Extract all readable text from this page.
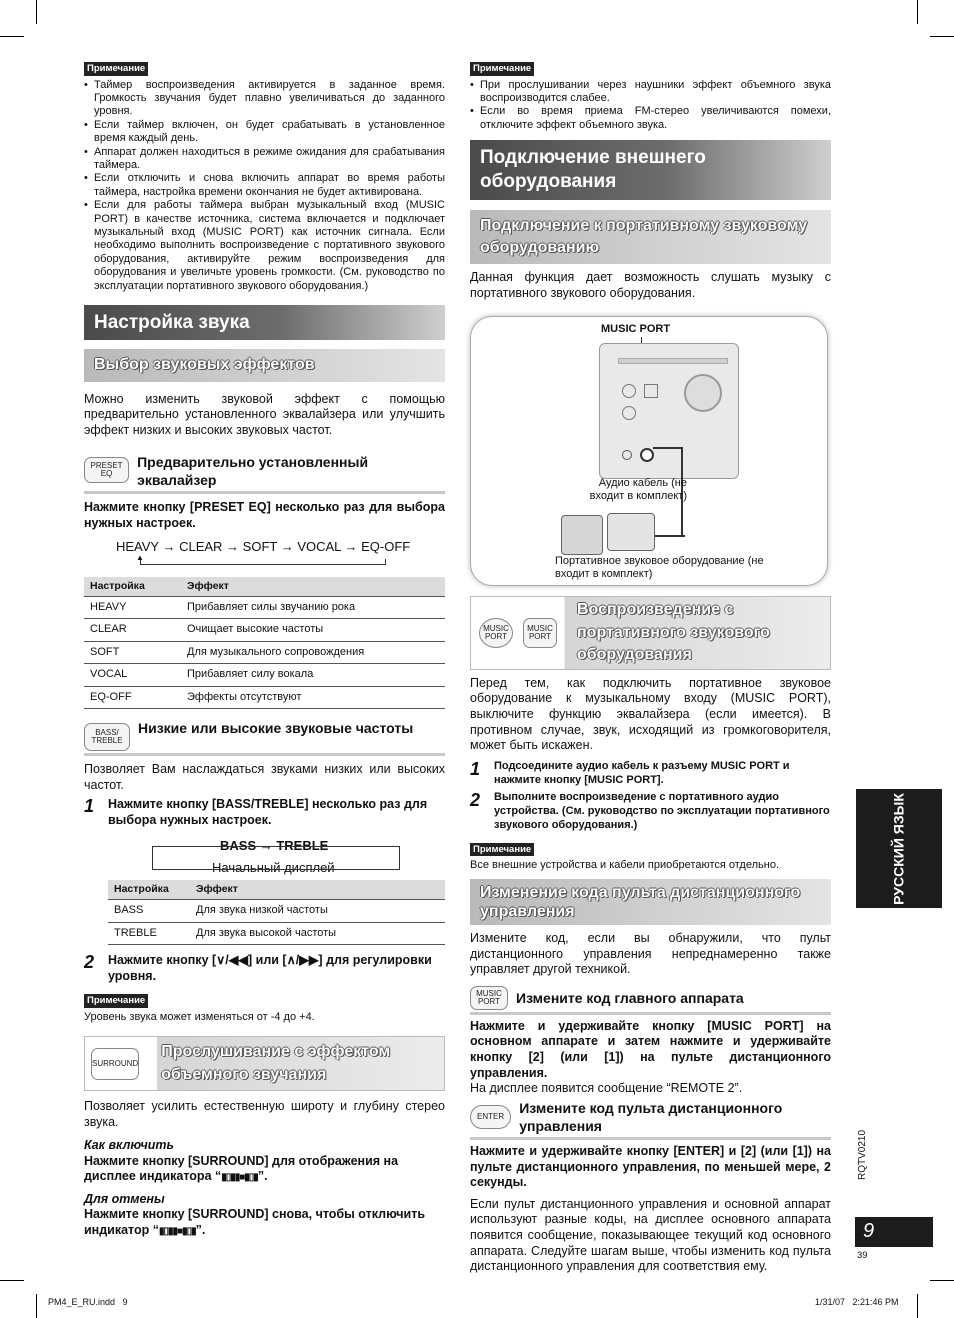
Примечание
• Таймер воспроизведения активируется в заданное время. Громкость звучания будет плавно увеличиваться до заданного уровня.
• Если таймер включен, он будет срабатывать в установленное время каждый день.
• Аппарат должен находиться в режиме ожидания для срабатывания таймера.
• Если отключить и снова включить аппарат во время работы таймера, настройка времени окончания не будет активирована.
• Если для работы таймера выбран музыкальный вход (MUSIC PORT) в качестве источника, система включается и подключает музыкальный вход (MUSIC PORT) как источник сигнала. Если необходимо выполнить воспроизведение с портативного звукового оборудования, активируйте режим воспроизведения для оборудования и увеличьте уровень громкости. (См. руководство по эксплуатации портативного звукового оборудования.)
Настройка звука
Выбор звуковых эффектов

Можно изменить звуковой эффект с помощью предварительно установленного эквалайзера или улучшить эффект низких и высоких звуковых частот.

PRESET EQ
Предварительно установленный эквалайзер

Нажмите кнопку [PRESET EQ] несколько раз для выбора нужных настроек.

HEAVY → CLEAR → SOFT → VOCAL → EQ-OFF
▲
Настройка	Эффект
HEAVY	Прибавляет силы звучанию рока
CLEAR	Очищает высокие частоты
SOFT	Для музыкального сопровождения
VOCAL	Прибавляет силу вокала
EQ-OFF	Эффекты отсутствуют
BASS/ TREBLE
Низкие или высокие звуковые частоты

Позволяет Вам наслаждаться звуками низких или высоких частот.

1	Нажмите кнопку [BASS/TREBLE] несколько раз для выбора нужных настроек.
BASS → TREBLE
Начальный дисплей
Настройка	Эффект
BASS	Для звука низкой частоты
TREBLE	Для звука высокой частоты
2	Нажмите кнопку [∨/◀◀] или [∧/▶▶] для регулировки уровня.
Примечание

Уровень звука может изменяться от -4 до +4.

SURROUND
Прослушивание с эффектом объемного звучания

Позволяет усилить естественную широту и глубину стерео звука.

Как включить

Нажмите кнопку [SURROUND] для отображения на дисплее индикатора “▮▯▮▮■▮▯▮”.

Для отмены

Нажмите кнопку [SURROUND] снова, чтобы отключить индикатор “▮▯▮▮■▮▯▮”.

Примечание
• При прослушивании через наушники эффект объемного звука воспроизводится слабее.
• Если во время приема FM-стерео увеличиваются помехи, отключите эффект объемного звука.
Подключение внешнего оборудования
Подключение к портативному звуковому оборудованию

Данная функция дает возможность слушать музыку с портативного звукового оборудования.

MUSIC PORT
Аудио кабель (не входит в комплект)
Портативное звуковое оборудование (не входит в комплект)
MUSIC PORT
MUSIC PORT
Воспроизведение с портативного звукового оборудования

Перед тем, как подключить портативное звуковое оборудование к музыкальному входу (MUSIC PORT), выключите функцию эквалайзера (если имеется). В противном случае, звук, исходящий из громкоговорителя, может быть искажен.

1	Подсоедините аудио кабель к разъему MUSIC PORT и нажмите кнопку [MUSIC PORT].
2	Выполните воспроизведение с портативного аудио устройства. (См. руководство по эксплуатации портативного звукового оборудования.)
Примечание

Все внешние устройства и кабели приобретаются отдельно.

Изменение кода пульта дистанционного управления

Измените код, если вы обнаружили, что пульт дистанционного управления непреднамеренно также управляет другой техникой.

MUSIC PORT	Измените код главного аппарата

Нажмите и удерживайте кнопку [MUSIC PORT] на основном аппарате и затем нажмите и удерживайте кнопку [2] (или [1]) на пульте дистанционного управления.

На дисплее появится сообщение “REMOTE 2”.

ENTER
Измените код пульта дистанционного управления

Нажмите и удерживайте кнопку [ENTER] и [2] (или [1]) на пульте дистанционного управления, по меньшей мере, 2 секунды.

Если пульт дистанционного управления и основной аппарат используют разные коды, на дисплее основного аппарата появится сообщение, показывающее текущий код основного аппарата. Следуйте шагам выше, чтобы изменить код пульта дистанционного управления для соответствия ему.

РУССКИЙ ЯЗЫК
RQTV0210
9
39
PM4_E_RU.indd   9	1/31/07   2:21:46 PM
